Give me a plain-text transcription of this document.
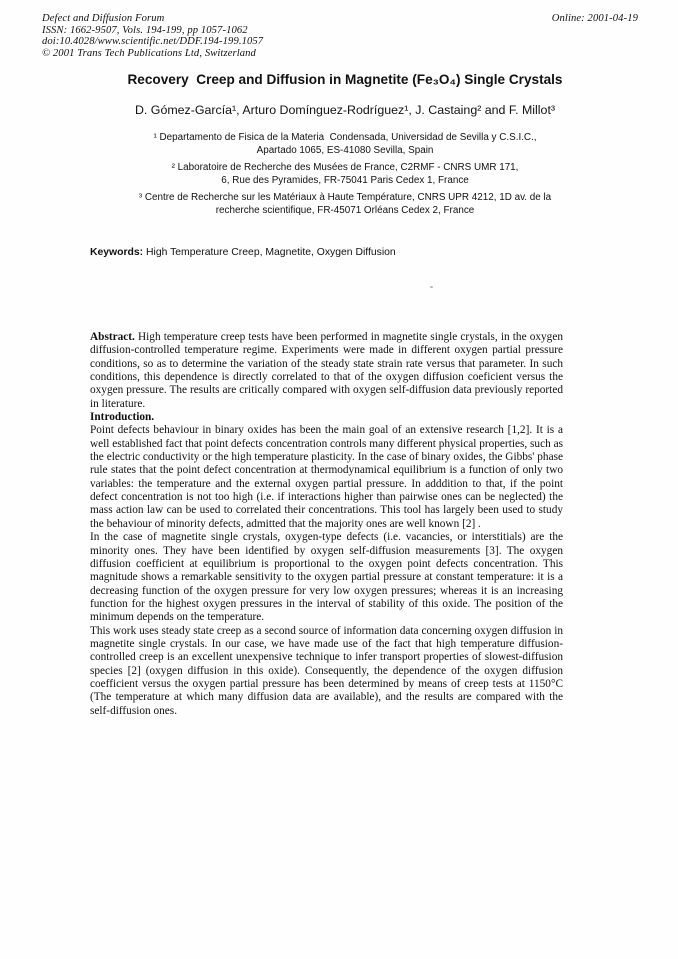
Defect and Diffusion Forum
ISSN: 1662-9507, Vols. 194-199, pp 1057-1062
doi:10.4028/www.scientific.net/DDF.194-199.1057
© 2001 Trans Tech Publications Ltd, Switzerland
Online: 2001-04-19
Recovery  Creep and Diffusion in Magnetite (Fe₃O₄) Single Crystals
D. Gómez-García¹, Arturo Domínguez-Rodríguez¹, J. Castaing² and F. Millot³
¹ Departamento de Fisica de la Materia  Condensada, Universidad de Sevilla y C.S.I.C.,
Apartado 1065, ES-41080 Sevilla, Spain
² Laboratoire de Recherche des Musées de France, C2RMF - CNRS UMR 171,
6, Rue des Pyramides, FR-75041 Paris Cedex 1, France
³ Centre de Recherche sur les Matériaux à Haute Température, CNRS UPR 4212, 1D av. de la
recherche scientifique, FR-45071 Orléans Cedex 2, France
Keywords: High Temperature Creep, Magnetite, Oxygen Diffusion

Abstract. High temperature creep tests have been performed in magnetite single crystals, in the oxygen diffusion-controlled temperature regime. Experiments were made in different oxygen partial pressure conditions, so as to determine the variation of the steady state strain rate versus that parameter. In such conditions, this dependence is directly correlated to that of the oxygen diffusion coeficient versus the oxygen pressure. The results are critically compared with oxygen self-diffusion data previously reported in literature.

Introduction.

Point defects behaviour in binary oxides has been the main goal of an extensive research [1,2]. It is a well established fact that point defects concentration controls many different physical properties, such as the electric conductivity or the high temperature plasticity. In the case of binary oxides, the Gibbs' phase rule states that the point defect concentration at thermodynamical equilibrium is a function of only two variables: the temperature and the external oxygen partial pressure. In adddition to that, if the point defect concentration is not too high (i.e. if interactions higher than pairwise ones can be neglected) the mass action law can be used to correlated their concentrations. This tool has largely been used to study the behaviour of minority defects, admitted that the majority ones are well known [2] .

In the case of magnetite single crystals, oxygen-type defects (i.e. vacancies, or interstitials) are the minority ones. They have been identified by oxygen self-diffusion measurements [3]. The oxygen diffusion coefficient at equilibrium is proportional to the oxygen point defects concentration. This magnitude shows a remarkable sensitivity to the oxygen partial pressure at constant temperature: it is a decreasing function of the oxygen pressure for very low oxygen pressures; whereas it is an increasing function for the highest oxygen pressures in the interval of stability of this oxide. The position of the minimum depends on the temperature.

This work uses steady state creep as a second source of information data concerning oxygen diffusion in magnetite single crystals. In our case, we have made use of the fact that high temperature diffusion-controlled creep is an excellent unexpensive technique to infer transport properties of slowest-diffusion species [2] (oxygen diffusion in this oxide). Consequently, the dependence of the oxygen diffusion coefficient versus the oxygen partial pressure has been determined by means of creep tests at 1150°C (The temperature at which many diffusion data are available), and the results are compared with the self-diffusion ones.
